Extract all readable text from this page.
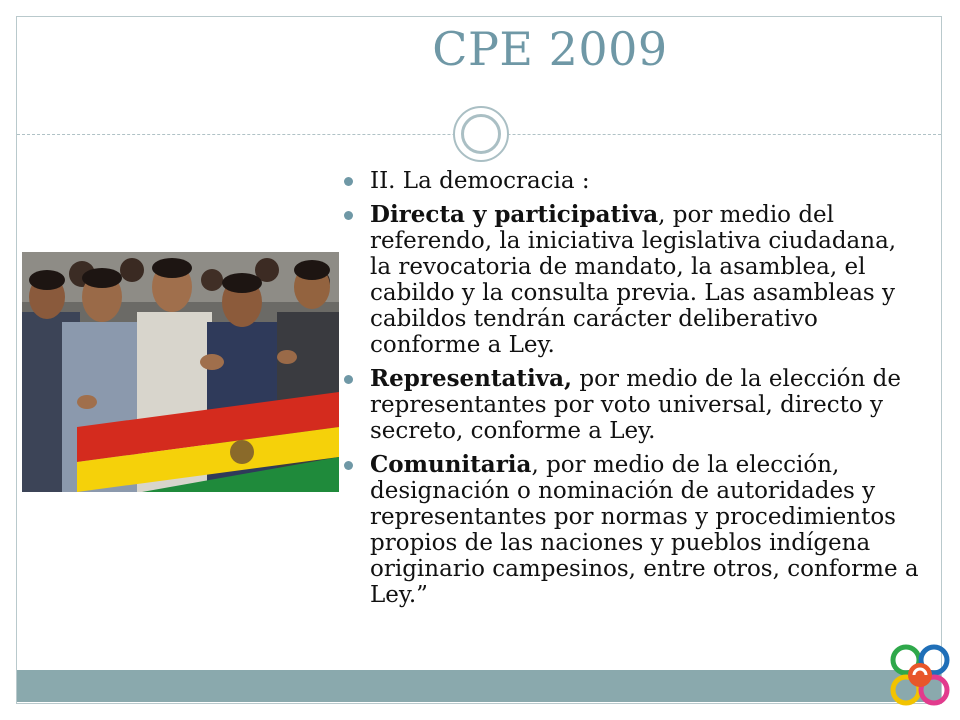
CPE 2009
II. La democracia :
Directa y participativa, por medio del referendo, la iniciativa legislativa ciudadana, la revocatoria de mandato, la asamblea, el cabildo y la consulta previa. Las asambleas y cabildos tendrán carácter deliberativo conforme a Ley.
Representativa, por medio de la elección de representantes por voto universal, directo y secreto, conforme a Ley.
Comunitaria, por medio de la elección, designación o nominación de autoridades y representantes por normas y procedimientos propios de las naciones y pueblos indígena originario campesinos, entre otros, conforme a Ley.”
